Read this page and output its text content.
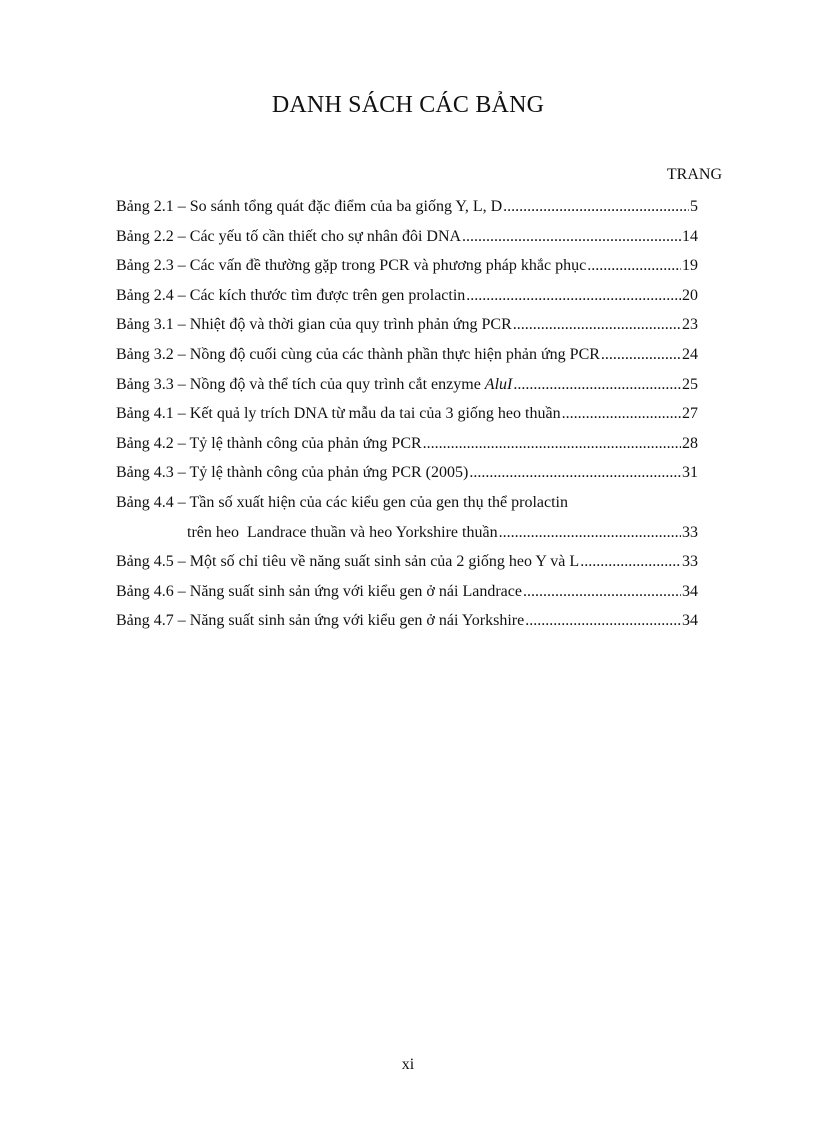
DANH SÁCH CÁC BẢNG
TRANG
Bảng 2.1 – So sánh tổng quát đặc điểm của ba giống Y, L, D .....	5
Bảng 2.2 – Các yếu tố cần thiết cho sự nhân đôi DNA .....	14
Bảng 2.3 – Các vấn đề thường gặp trong PCR và phương pháp khắc phục .....	19
Bảng 2.4 – Các kích thước tìm được trên gen prolactin .....	20
Bảng 3.1 – Nhiệt độ và thời gian của quy trình phản ứng PCR .....	23
Bảng 3.2 – Nồng độ cuối cùng của các thành phần thực hiện phản ứng PCR .....	24
Bảng 3.3 – Nồng độ và thể tích của quy trình cắt enzyme AluI .....	25
Bảng 4.1 – Kết quả ly trích DNA từ mẫu da tai của 3 giống heo thuần .....	27
Bảng 4.2 – Tỷ lệ thành công của phản ứng PCR .....	28
Bảng 4.3 – Tỷ lệ thành công của phản ứng PCR (2005) .....	31
Bảng 4.4 – Tần số xuất hiện của các kiểu gen của gen thụ thể prolactin
trên heo  Landrace thuần và heo Yorkshire thuần .....	33
Bảng 4.5 – Một số chỉ tiêu về năng suất sinh sản của 2 giống heo Y và L .....	33
Bảng 4.6 – Năng suất sinh sản ứng với kiểu gen ở nái Landrace .....	34
Bảng 4.7 – Năng suất sinh sản ứng với kiểu gen ở nái Yorkshire .....	34
xi
